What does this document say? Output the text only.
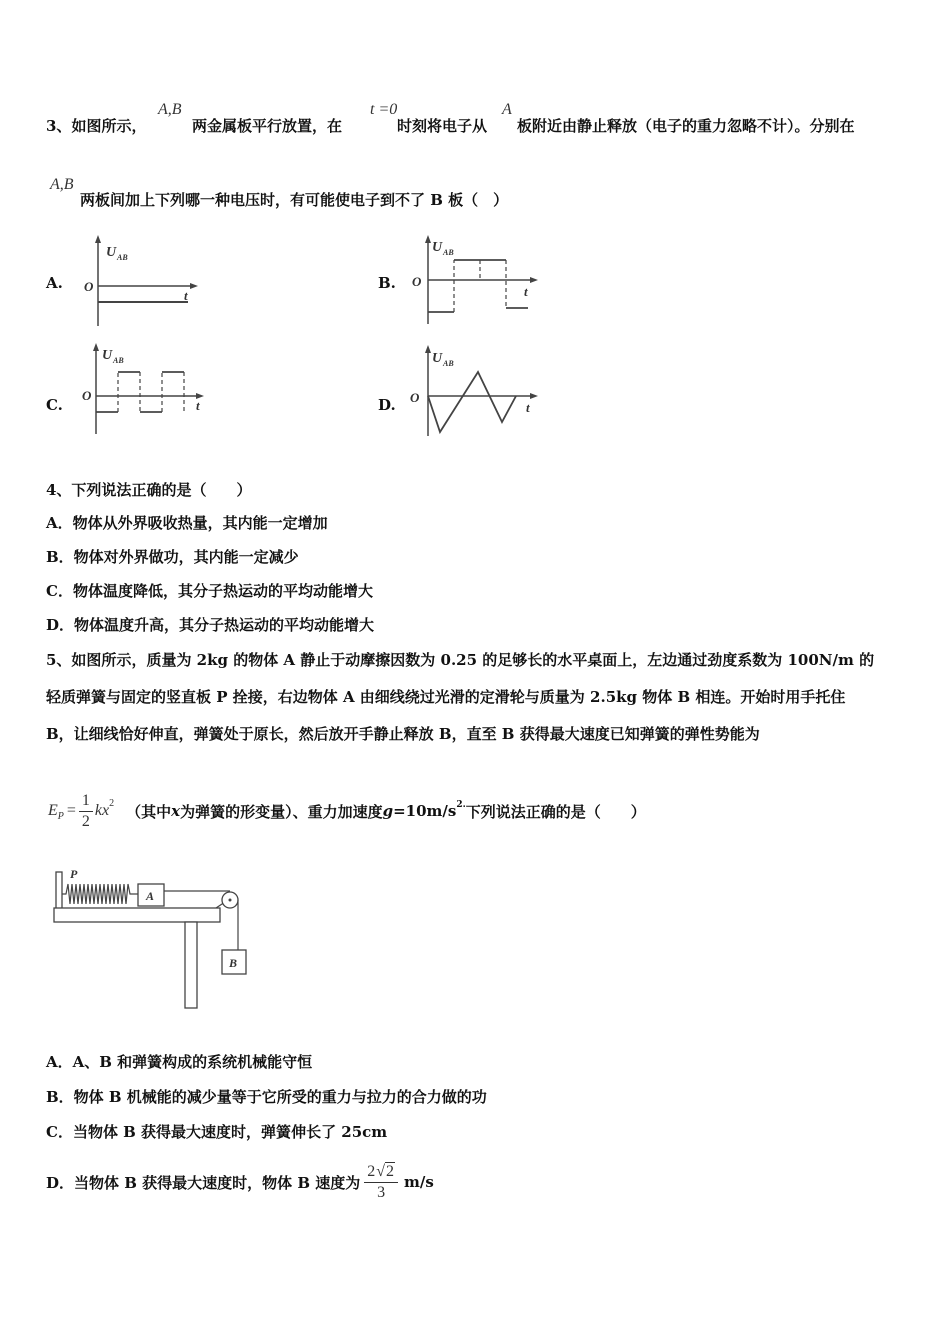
3、如图所示，
A,B
两金属板平行放置，在
t =0
时刻将电子从
A
板附近由静止释放（电子的重力忽略不计）。分别在
A,B
两板间加上下列哪一种电压时，有可能使电子到不了 B 板（　）
A.	B.
C.	D.
U AB
O
t
U AB
O
t
U AB
O
t
U AB
O
t
4、下列说法正确的是（　　）
A．物体从外界吸收热量，其内能一定增加
B．物体对外界做功，其内能一定减少
C．物体温度降低，其分子热运动的平均动能增大
D．物体温度升高，其分子热运动的平均动能增大
5、如图所示，质量为 2kg 的物体 A 静止于动摩擦因数为 0.25 的足够长的水平桌面上，左边通过劲度系数为 100N/m 的
轻质弹簧与固定的竖直板 P 拴接，右边物体 A 由细线绕过光滑的定滑轮与质量为 2.5kg 物体 B 相连。开始时用手托住
B，让细线恰好伸直，弹簧处于原长，然后放开手静止释放 B，直至 B 获得最大速度已知弹簧的弹性势能为
E $P = \frac{1}{2}$ kx 2 （其中 x 为弹簧的形变量）、重力加速度 g =10m/s 2. 下列说法正确的是（　　）
P
A
B
A．A、B 和弹簧构成的系统机械能守恒
B．物体 B 机械能的减少量等于它所受的重力与拉力的合力做的功
C．当物体 B 获得最大速度时，弹簧伸长了 25cm
D．当物体 B 获得最大速度时，物体 B 速度为 $\frac{2√2}{3} m/s$
